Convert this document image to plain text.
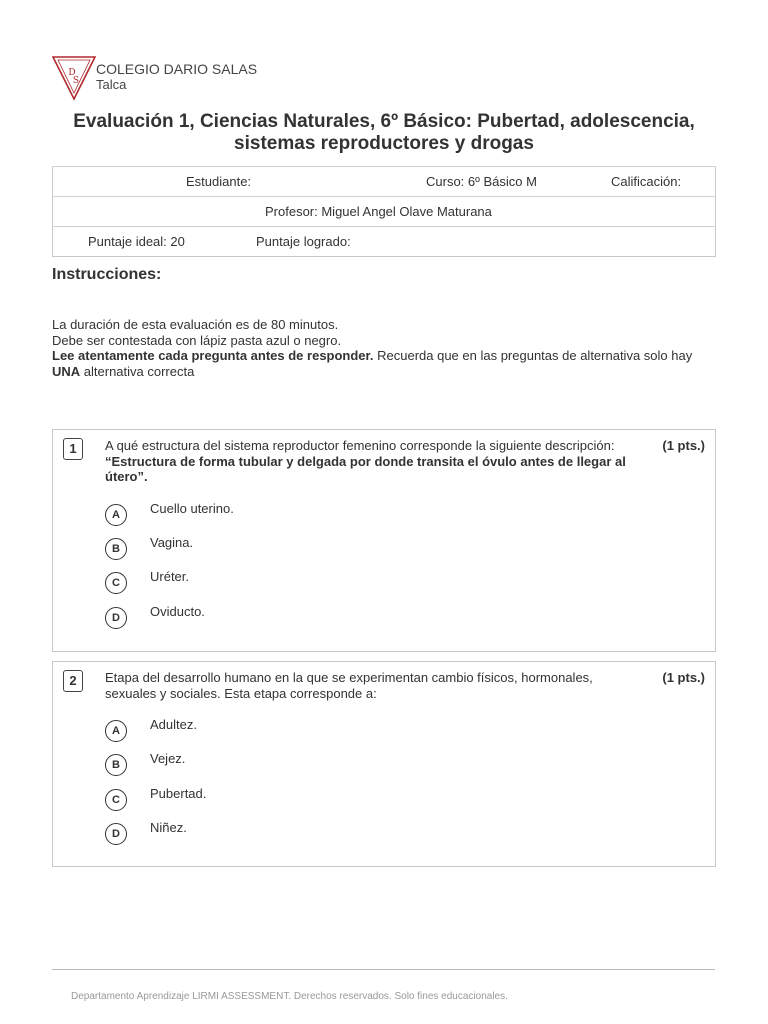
D
S
COLEGIO DARIO SALAS
Talca
Evaluación 1, Ciencias Naturales, 6º Básico: Pubertad, adolescencia, sistemas reproductores y drogas
Estudiante:	Curso: 6º Básico M	Calificación:

Profesor: Miguel Angel Olave Maturana

Puntaje ideal: 20	Puntaje logrado:
Instrucciones:
La duración de esta evaluación es de 80 minutos.
Debe ser contestada con lápiz pasta azul o negro.
Lee atentamente cada pregunta antes de responder. Recuerda que en las preguntas de alternativa solo hay UNA alternativa correcta
1	A qué estructura del sistema reproductor femenino corresponde la siguiente descripción: “Estructura de forma tubular y delgada por donde transita el óvulo antes de llegar al útero”.
(1 pts.)
A	Cuello uterino.
B	Vagina.
C	Uréter.
D	Oviducto.
2	Etapa del desarrollo humano en la que se experimentan cambio físicos, hormonales, sexuales y sociales. Esta etapa corresponde a:
(1 pts.)
A	Adultez.
B	Vejez.
C	Pubertad.
D	Niñez.
Departamento Aprendizaje LIRMI ASSESSMENT. Derechos reservados. Solo fines educacionales.
